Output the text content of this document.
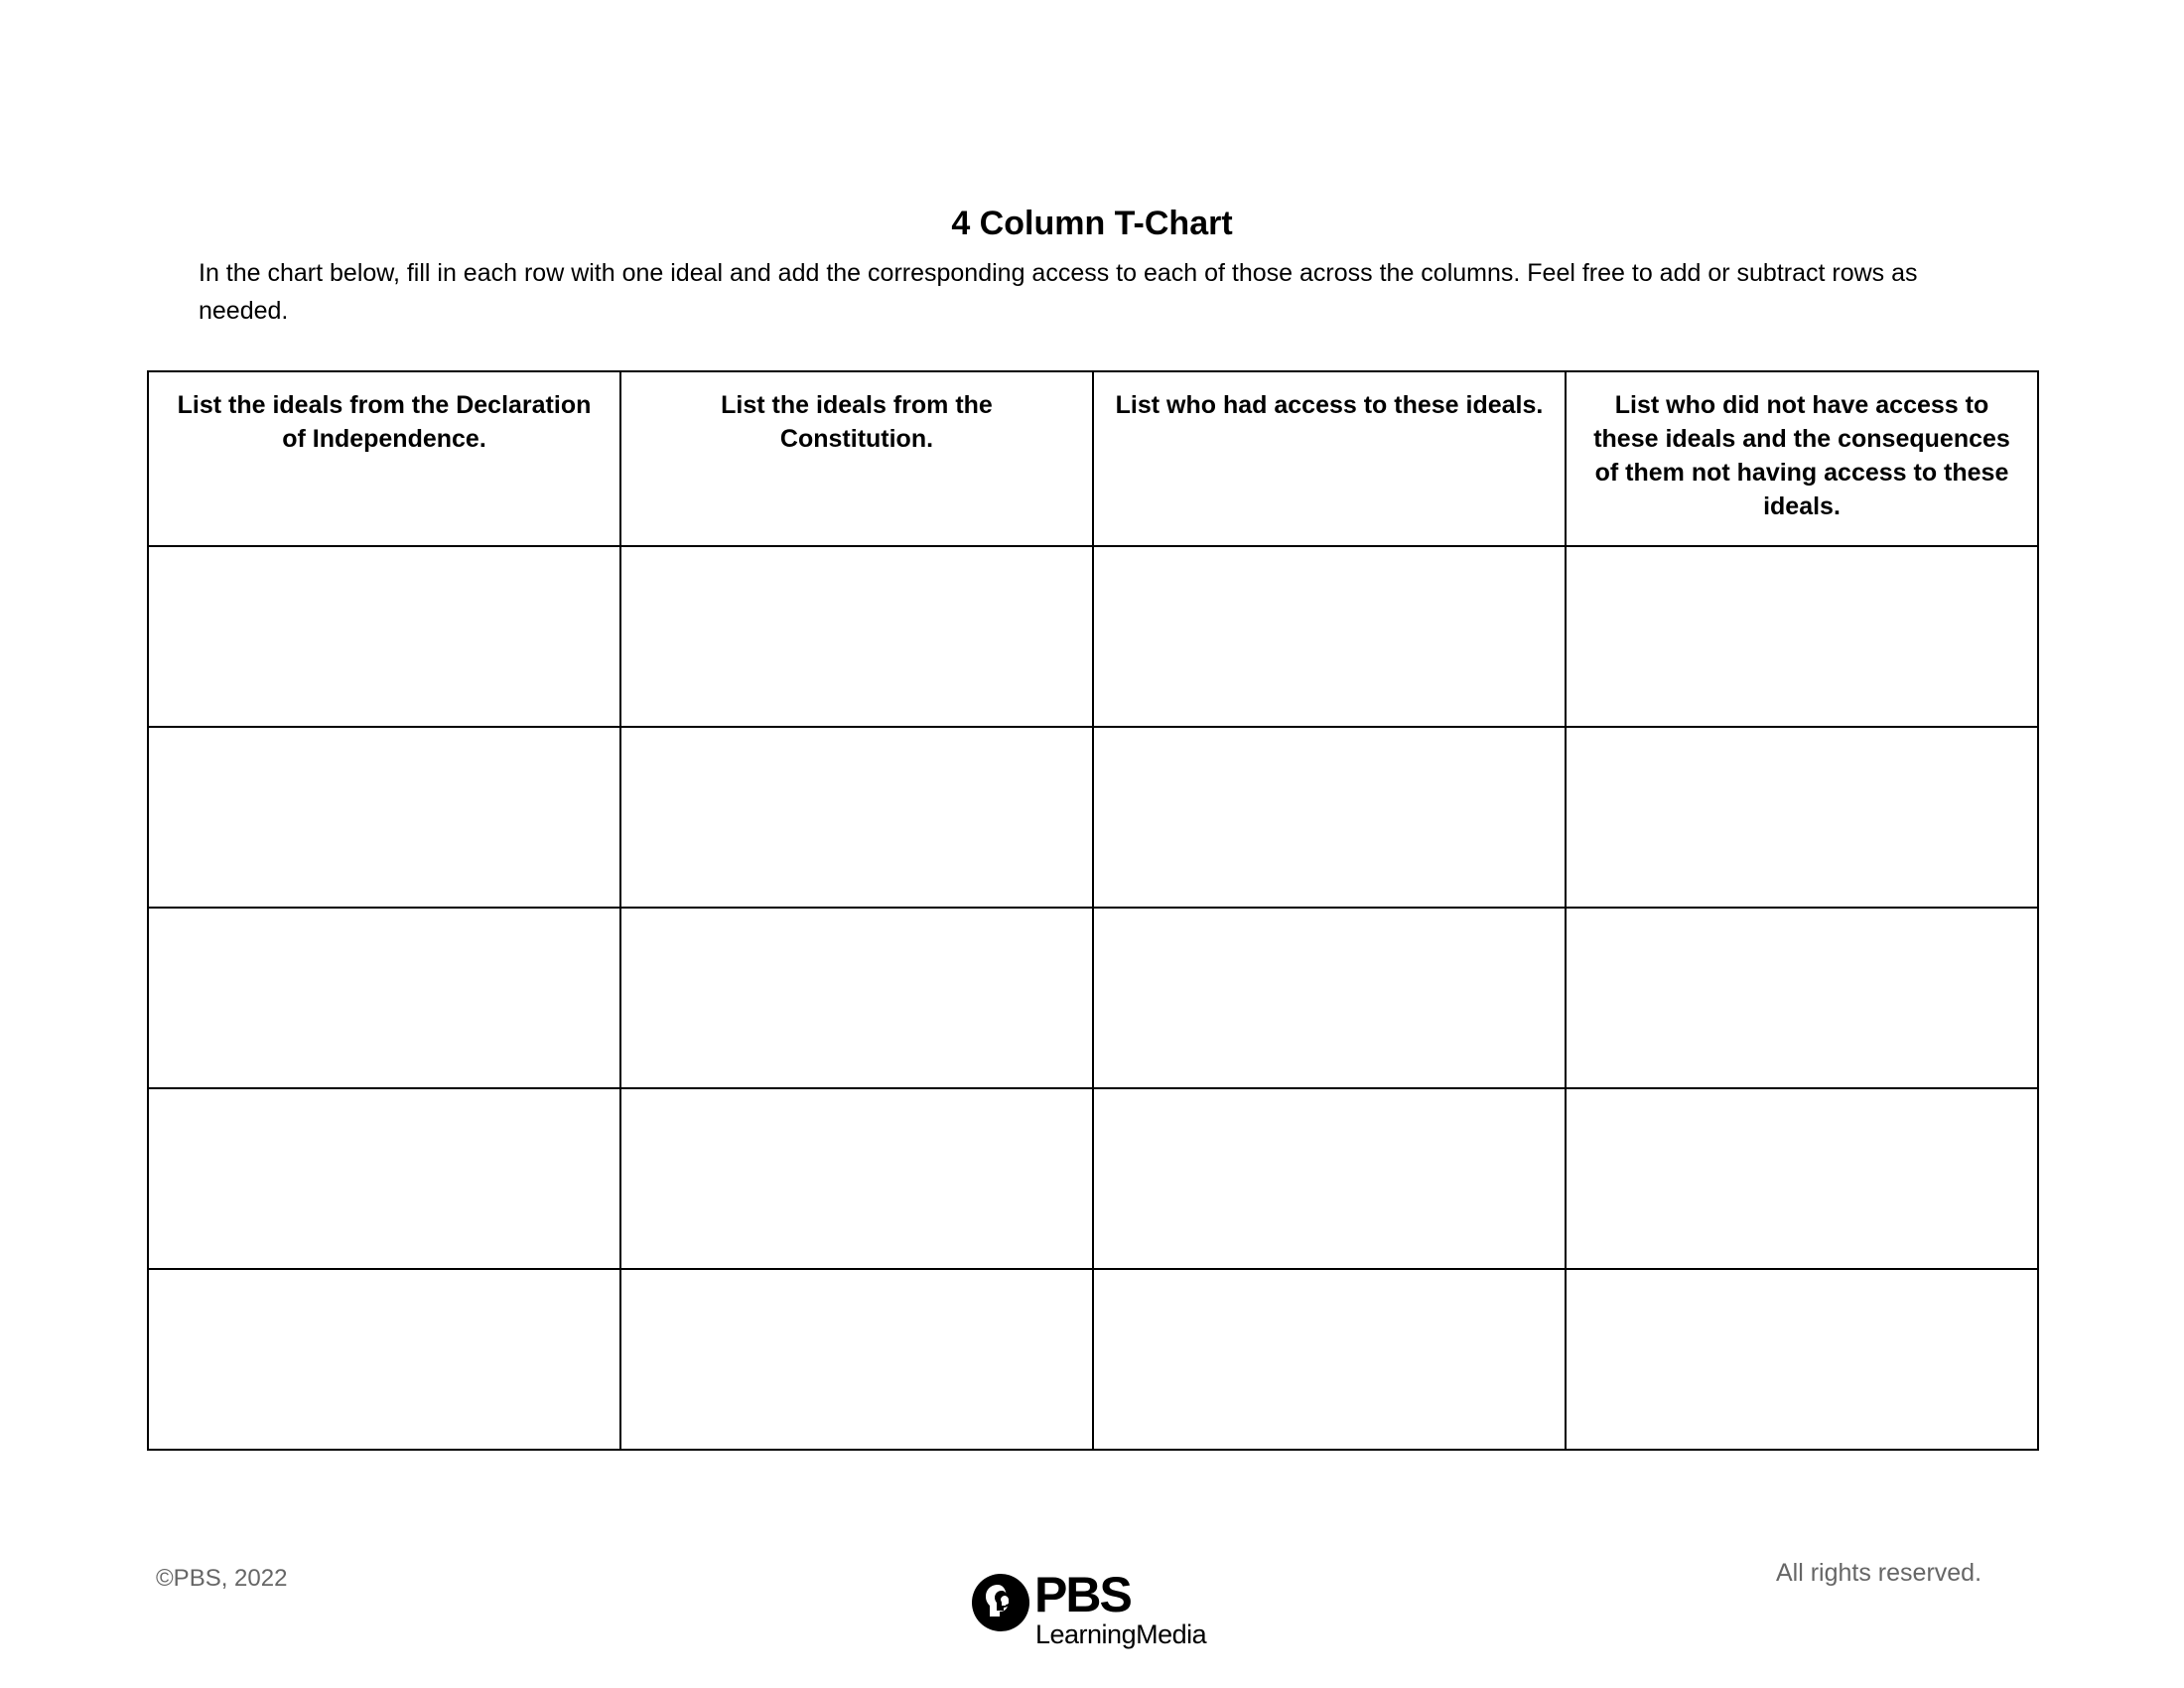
4 Column T-Chart
In the chart below, fill in each row with one ideal and add the corresponding access to each of those across the columns. Feel free to add or subtract rows as needed.
List the ideals from the Declaration of Independence.	List the ideals from the Constitution.	List who had access to these ideals.	List who did not have access to these ideals and the consequences of them not having access to these ideals.

©PBS, 2022	PBS
LearningMedia
All rights reserved.
